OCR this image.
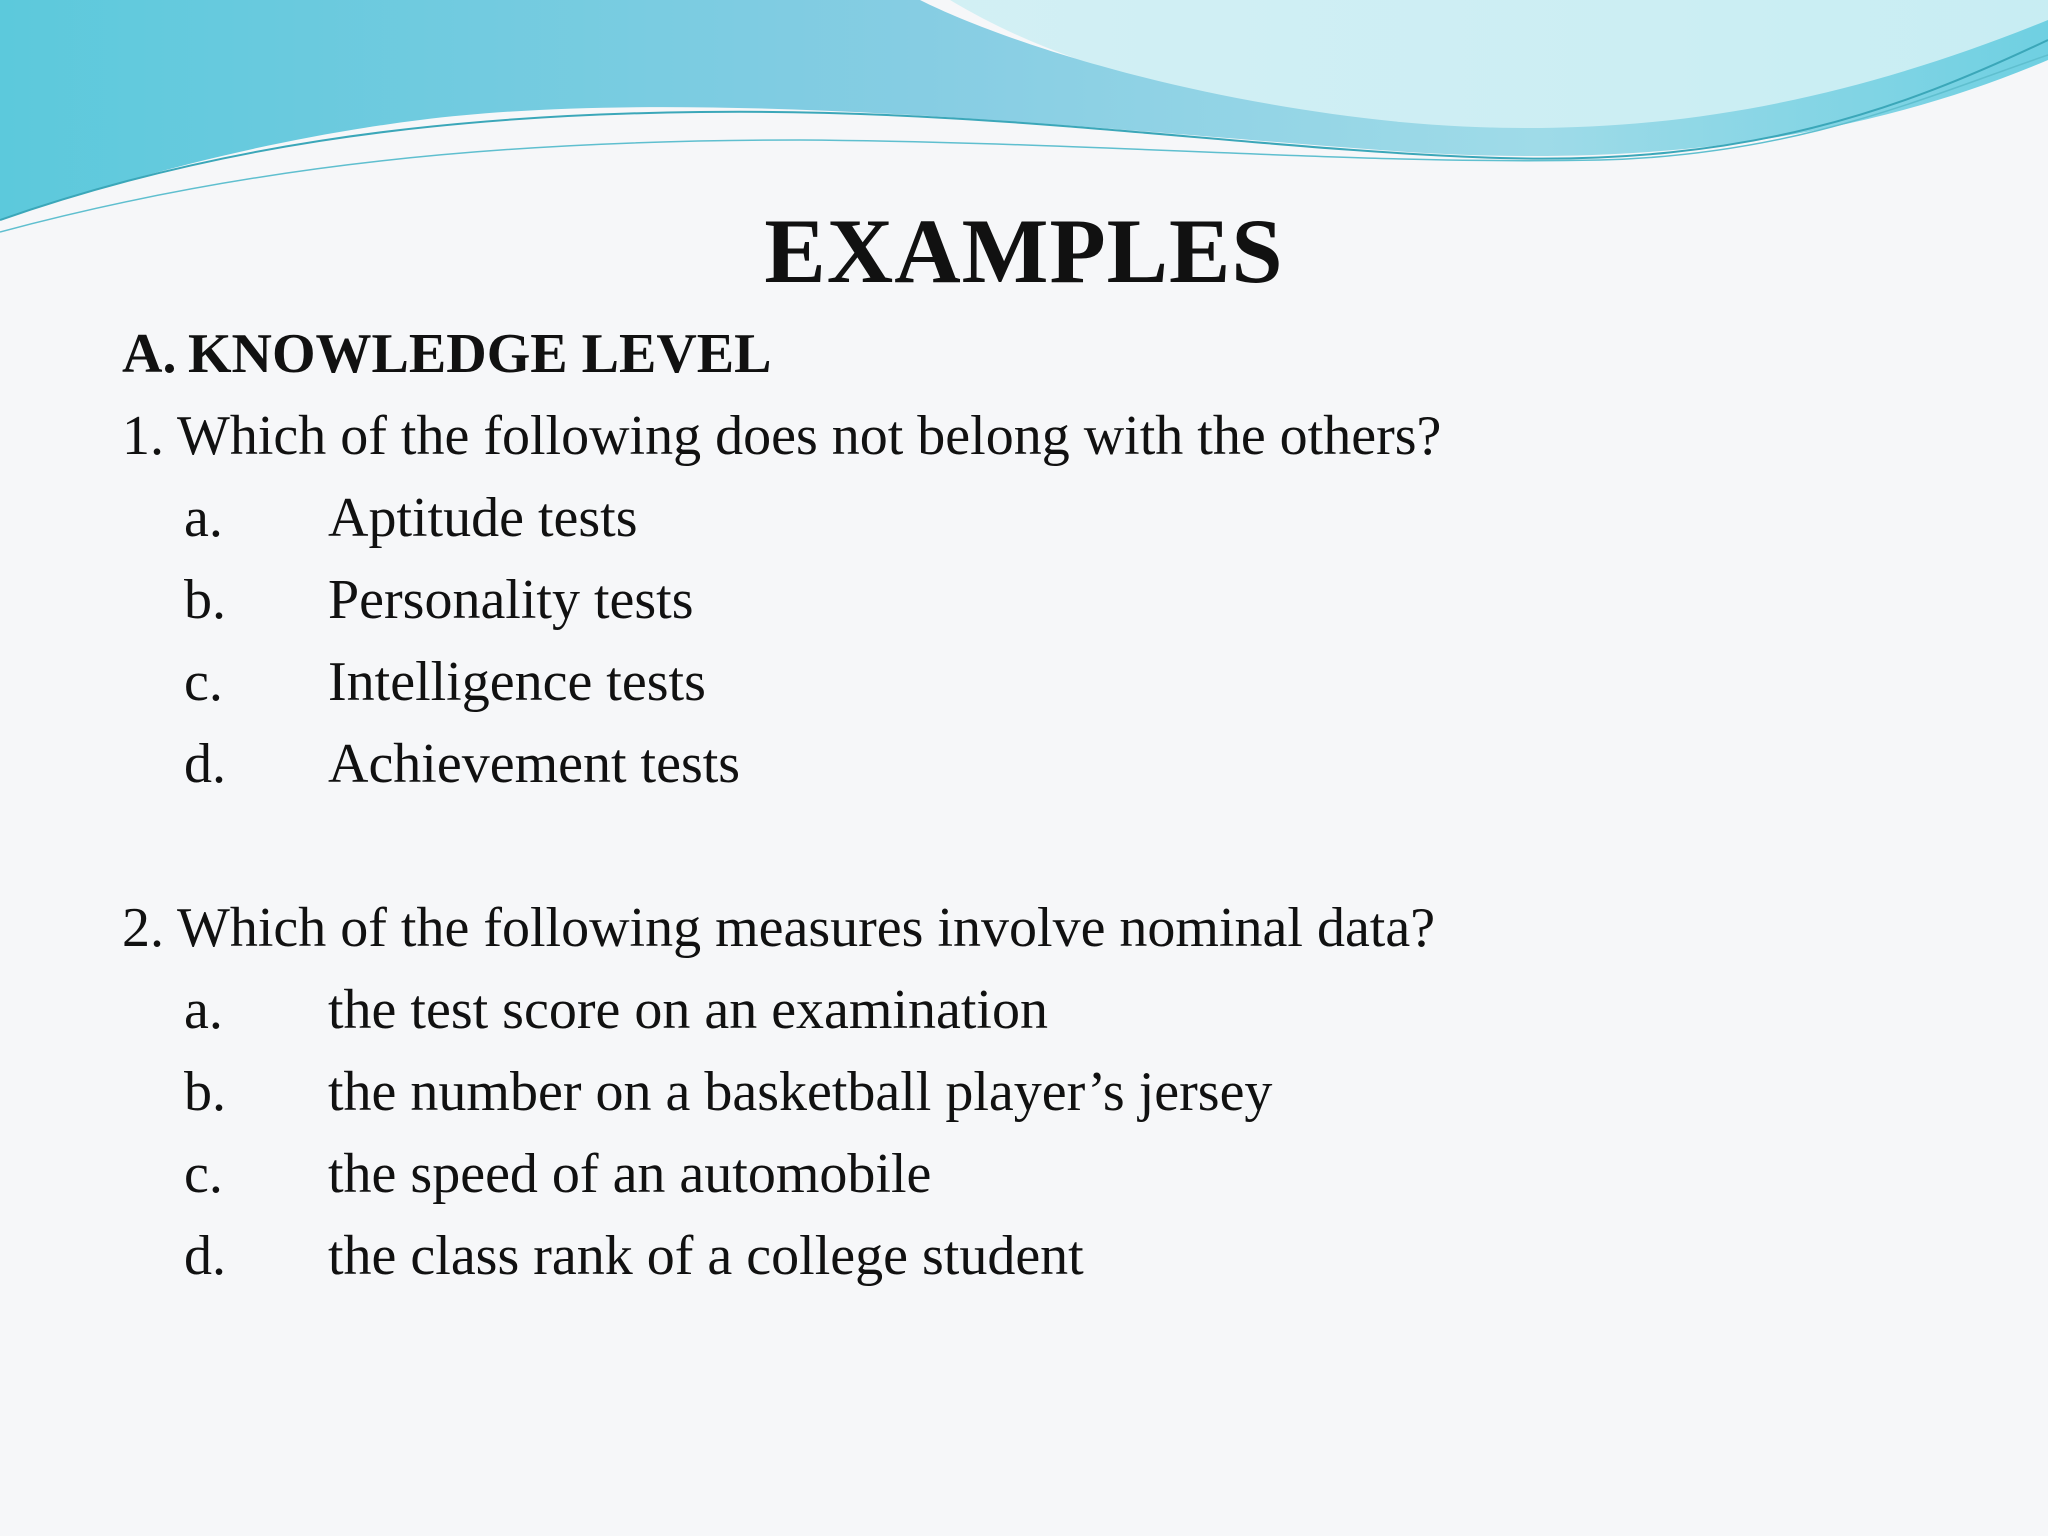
EXAMPLES
A. KNOWLEDGE LEVEL
1. Which of the following does not belong with the others?
a. Aptitude tests
b. Personality tests
c. Intelligence tests
d. Achievement tests
2. Which of the following measures involve nominal data?
a. the test score on an examination
b. the number on a basketball player’s jersey
c. the speed of an automobile
d. the class rank of a college student
